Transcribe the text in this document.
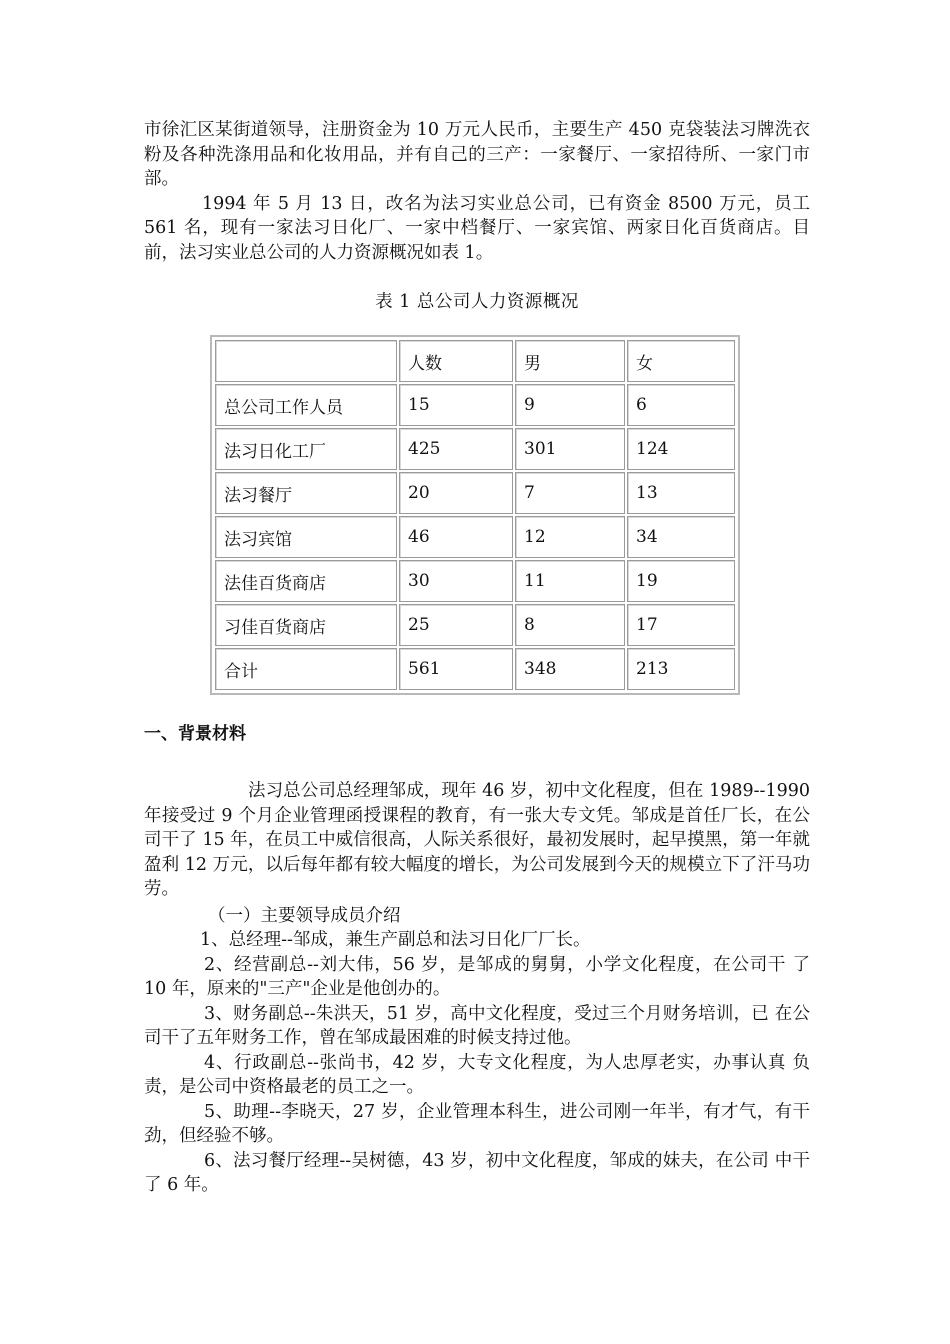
市徐汇区某街道领导，注册资金为 10 万元人民币，主要生产 450 克袋装法习牌洗衣粉及各种洗涤用品和化妆用品，并有自己的三产：一家餐厅、一家招待所、一家门市部。

1994 年 5 月 13 日，改名为法习实业总公司，已有资金 8500 万元，员工 561 名，现有一家法习日化厂、一家中档餐厅、一家宾馆、两家日化百货商店。目前，法习实业总公司的人力资源概况如表 1。

表 1 总公司人力资源概况

	人数	男	女
总公司工作人员	15	9	6
法习日化工厂	425	301	124
法习餐厅	20	7	13
法习宾馆	46	12	34
法佳百货商店	30	11	19
习佳百货商店	25	8	17
合计	561	348	213

一、背景材料

法习总公司总经理邹成，现年 46 岁，初中文化程度，但在 1989--1990 年接受过 9 个月企业管理函授课程的教育，有一张大专文凭。邹成是首任厂长，在公司干了 15 年，在员工中威信很高，人际关系很好，最初发展时，起早摸黑，第一年就盈利 12 万元，以后每年都有较大幅度的增长，为公司发展到今天的规模立下了汗马功劳。

（一）主要领导成员介绍

1、总经理--邹成，兼生产副总和法习日化厂厂长。

2、经营副总--刘大伟，56 岁，是邹成的舅舅，小学文化程度，在公司干 了 10 年，原来的"三产"企业是他创办的。

3、财务副总--朱洪天，51 岁，高中文化程度，受过三个月财务培训，已 在公司干了五年财务工作，曾在邹成最困难的时候支持过他。

4、行政副总--张尚书，42 岁，大专文化程度，为人忠厚老实，办事认真 负责，是公司中资格最老的员工之一。

5、助理--李晓天，27 岁，企业管理本科生，进公司刚一年半，有才气，有干劲，但经验不够。

6、法习餐厅经理--吴树德，43 岁，初中文化程度，邹成的妹夫，在公司 中干了 6 年。
